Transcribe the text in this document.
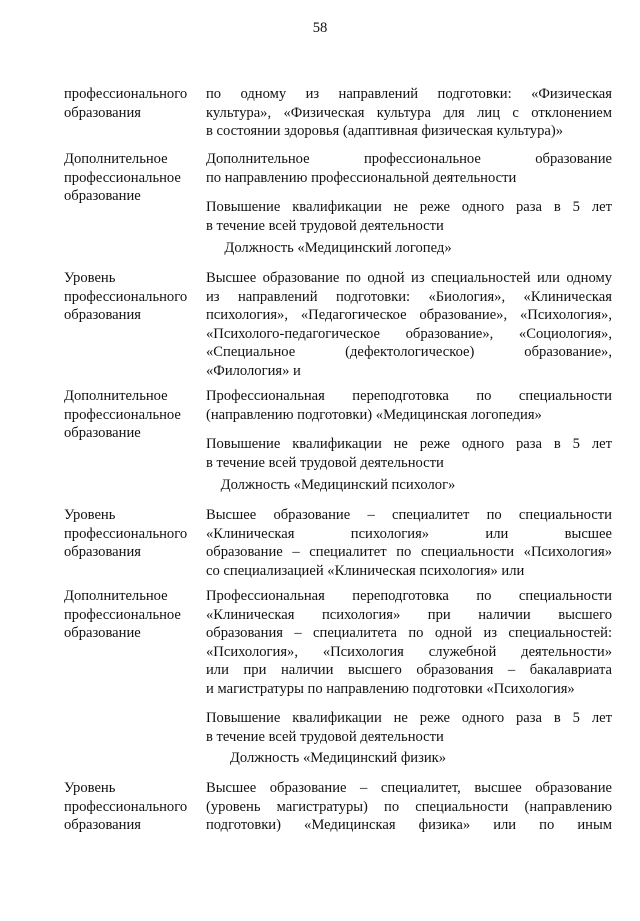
58
профессионального
образования

по одному из направлений подготовки: «Физическая
культура», «Физическая культура для лиц с отклонением
в состоянии здоровья (адаптивная физическая культура)»

Дополнительное
профессиональное
образование

Дополнительное профессиональное образование
по направлению профессиональной деятельности

Повышение квалификации не реже одного раза в 5 лет
в течение всей трудовой деятельности

Должность «Медицинский логопед»
Уровень
профессионального
образования

Высшее образование по одной из специальностей или одному
из направлений подготовки: «Биология», «Клиническая
психология», «Педагогическое образование», «Психология»,
«Психолого-педагогическое образование», «Социология»,
«Специальное (дефектологическое) образование»,
«Филология» и

Дополнительное
профессиональное
образование

Профессиональная переподготовка по специальности
(направлению подготовки) «Медицинская логопедия»

Повышение квалификации не реже одного раза в 5 лет
в течение всей трудовой деятельности

Должность «Медицинский психолог»
Уровень
профессионального
образования

Высшее образование – специалитет по специальности
«Клиническая психология» или высшее
образование – специалитет по специальности «Психология»
со специализацией «Клиническая психология» или

Дополнительное
профессиональное
образование

Профессиональная переподготовка по специальности
«Клиническая психология» при наличии высшего
образования – специалитета по одной из специальностей:
«Психология», «Психология служебной деятельности»
или при наличии высшего образования – бакалавриата
и магистратуры по направлению подготовки «Психология»

Повышение квалификации не реже одного раза в 5 лет
в течение всей трудовой деятельности

Должность «Медицинский физик»
Уровень
профессионального
образования

Высшее образование – специалитет, высшее образование
(уровень магистратуры) по специальности (направлению
подготовки) «Медицинская физика» или по иным
